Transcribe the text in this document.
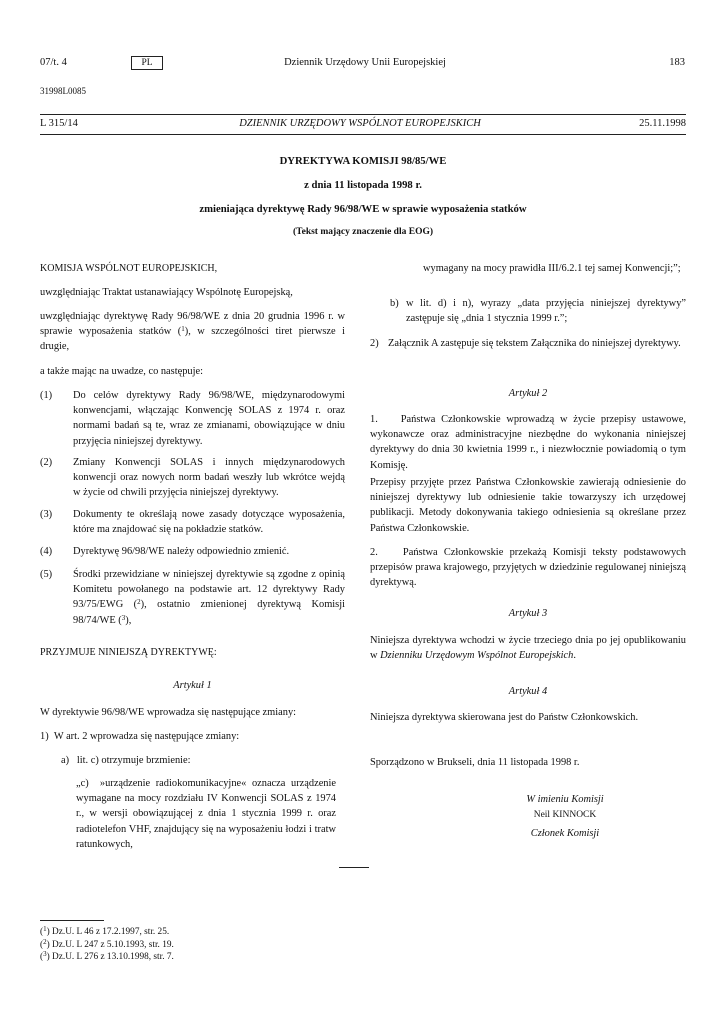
07/t. 4	PL	Dziennik Urzędowy Unii Europejskiej	183
31998L0085
L 315/14	DZIENNIK URZĘDOWY WSPÓLNOT EUROPEJSKICH	25.11.1998
DYREKTYWA KOMISJI 98/85/WE
z dnia 11 listopada 1998 r.
zmieniająca dyrektywę Rady 96/98/WE w sprawie wyposażenia statków
(Tekst mający znaczenie dla EOG)
KOMISJA WSPÓLNOT EUROPEJSKICH,
uwzględniając Traktat ustanawiający Wspólnotę Europejską,
uwzględniając dyrektywę Rady 96/98/WE z dnia 20 grudnia 1996 r. w sprawie wyposażenia statków ($^1$), w szczególności tiret pierwsze i drugie,
a także mając na uwadze, co następuje:
(1) Do celów dyrektywy Rady 96/98/WE, międzynarodowymi konwencjami, włączając Konwencję SOLAS z 1974 r. oraz normami badań są te, wraz ze zmianami, obowiązujące w dniu przyjęcia niniejszej dyrektywy.
(2) Zmiany Konwencji SOLAS i innych międzynarodowych konwencji oraz nowych norm badań weszły lub wkrótce wejdą w życie od chwili przyjęcia niniejszej dyrektywy.
(3) Dokumenty te określają nowe zasady dotyczące wyposażenia, które ma znajdować się na pokładzie statków.
(4) Dyrektywę 96/98/WE należy odpowiednio zmienić.
(5) Środki przewidziane w niniejszej dyrektywie są zgodne z opinią Komitetu powołanego na podstawie art. 12 dyrektywy Rady 93/75/EWG ($^2$), ostatnio zmienionej dyrektywą Komisji 98/74/WE ($^3$),
PRZYJMUJE NINIEJSZĄ DYREKTYWĘ:
Artykuł 1
W dyrektywie 96/98/WE wprowadza się następujące zmiany:
1)  W art. 2 wprowadza się następujące zmiany:
a)   lit. c) otrzymuje brzmienie:
„c)  »urządzenie radiokomunikacyjne« oznacza urządzenie wymagane na mocy rozdziału IV Konwencji SOLAS z 1974 r., w wersji obowiązującej z dnia 1 stycznia 1999 r. oraz radiotelefon VHF, znajdujący się na wyposażeniu łodzi i tratw ratunkowych,
wymagany na mocy prawidła III/6.2.1 tej samej Konwencji;”;
b) w lit. d) i n), wyrazy „data przyjęcia niniejszej dyrektywy” zastępuje się „dnia 1 stycznia 1999 r.”;
2) Załącznik A zastępuje się tekstem Załącznika do niniejszej dyrektywy.
Artykuł 2
1.    Państwa Członkowskie wprowadzą w życie przepisy ustawowe, wykonawcze oraz administracyjne niezbędne do wykonania niniejszej dyrektywy do dnia 30 kwietnia 1999 r., i niezwłocznie powiadomią o tym Komisję.
Przepisy przyjęte przez Państwa Członkowskie zawierają odniesienie do niniejszej dyrektywy lub odniesienie takie towarzyszy ich urzędowej publikacji. Metody dokonywania takiego odniesienia są określane przez Państwa Członkowskie.
2.    Państwa Członkowskie przekażą Komisji teksty podstawowych przepisów prawa krajowego, przyjętych w dziedzinie regulowanej niniejszą dyrektywą.
Artykuł 3
Niniejsza dyrektywa wchodzi w życie trzeciego dnia po jej opublikowaniu w Dzienniku Urzędowym Wspólnot Europejskich.
Artykuł 4
Niniejsza dyrektywa skierowana jest do Państw Członkowskich.
Sporządzono w Brukseli, dnia 11 listopada 1998 r.
W imieniu Komisji
Neil KINNOCK
Członek Komisji
($^1$) Dz.U. L 46 z 17.2.1997, str. 25.
($^2$) Dz.U. L 247 z 5.10.1993, str. 19.
($^3$) Dz.U. L 276 z 13.10.1998, str. 7.
